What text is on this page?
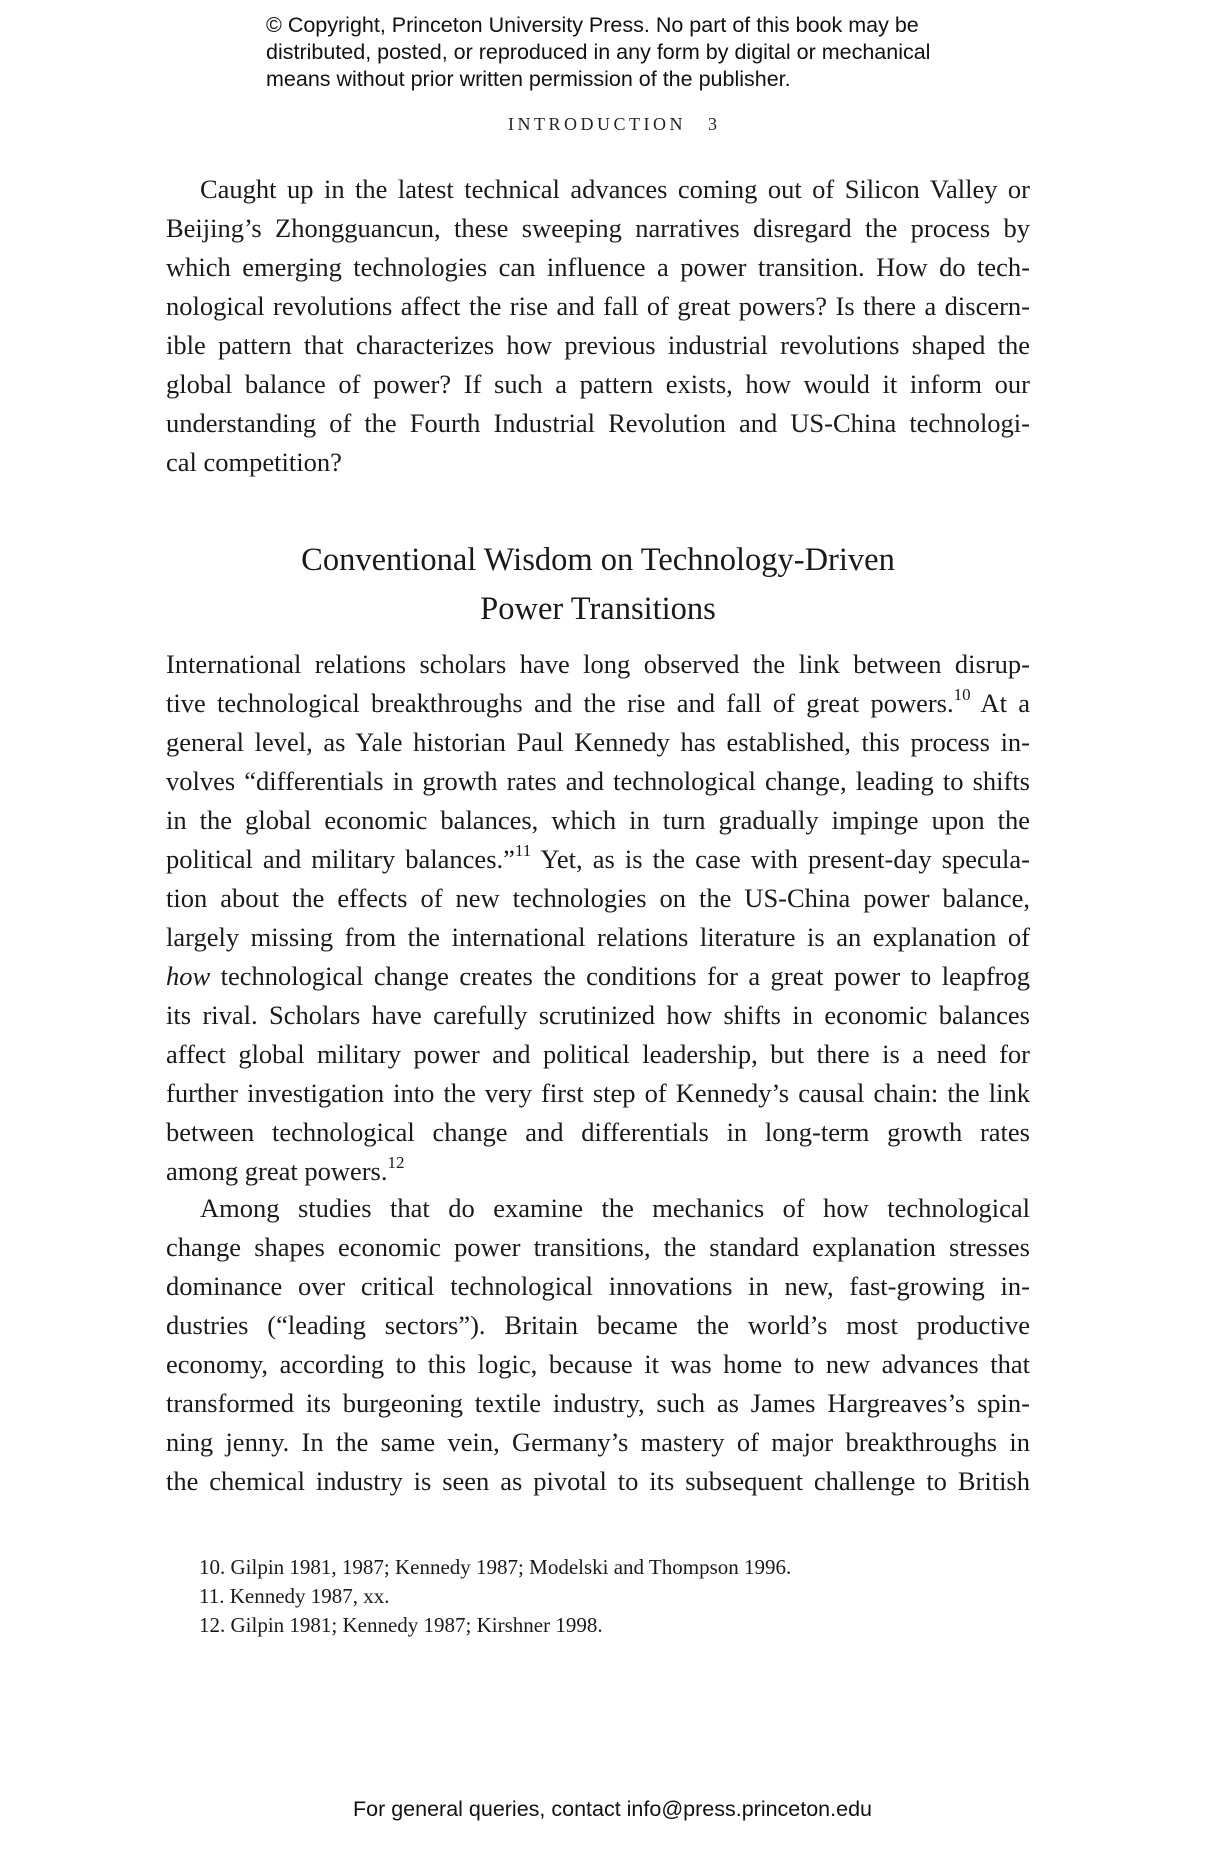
© Copyright, Princeton University Press. No part of this book may be
distributed, posted, or reproduced in any form by digital or mechanical
means without prior written permission of the publisher.
INTRODUCTION 3
Caught up in the latest technical advances coming out of Silicon Valley or
Beijing’s Zhongguancun, these sweeping narratives disregard the process by
which emerging technologies can influence a power transition. How do tech-
nological revolutions affect the rise and fall of great powers? Is there a discern-
ible pattern that characterizes how previous industrial revolutions shaped the
global balance of power? If such a pattern exists, how would it inform our
understanding of the Fourth Industrial Revolution and US-China technologi-
cal competition?
Conventional Wisdom on Technology-Driven
Power Transitions
International relations scholars have long observed the link between disrup-
tive technological breakthroughs and the rise and fall of great powers.$^{10}$ At a
general level, as Yale historian Paul Kennedy has established, this process in-
volves “differentials in growth rates and technological change, leading to shifts
in the global economic balances, which in turn gradually impinge upon the
political and military balances.”$^{11}$ Yet, as is the case with present-day specula-
tion about the effects of new technologies on the US-China power balance,
largely missing from the international relations literature is an explanation of
how technological change creates the conditions for a great power to leapfrog
its rival. Scholars have carefully scrutinized how shifts in economic balances
affect global military power and political leadership, but there is a need for
further investigation into the very first step of Kennedy’s causal chain: the link
between technological change and differentials in long-term growth rates
among great powers.$^{12}$
Among studies that do examine the mechanics of how technological
change shapes economic power transitions, the standard explanation stresses
dominance over critical technological innovations in new, fast-growing in-
dustries (“leading sectors”). Britain became the world’s most productive
economy, according to this logic, because it was home to new advances that
transformed its burgeoning textile industry, such as James Hargreaves’s spin-
ning jenny. In the same vein, Germany’s mastery of major breakthroughs in
the chemical industry is seen as pivotal to its subsequent challenge to British
10. Gilpin 1981, 1987; Kennedy 1987; Modelski and Thompson 1996.
11. Kennedy 1987, xx.
12. Gilpin 1981; Kennedy 1987; Kirshner 1998.
For general queries, contact info@press.princeton.edu
